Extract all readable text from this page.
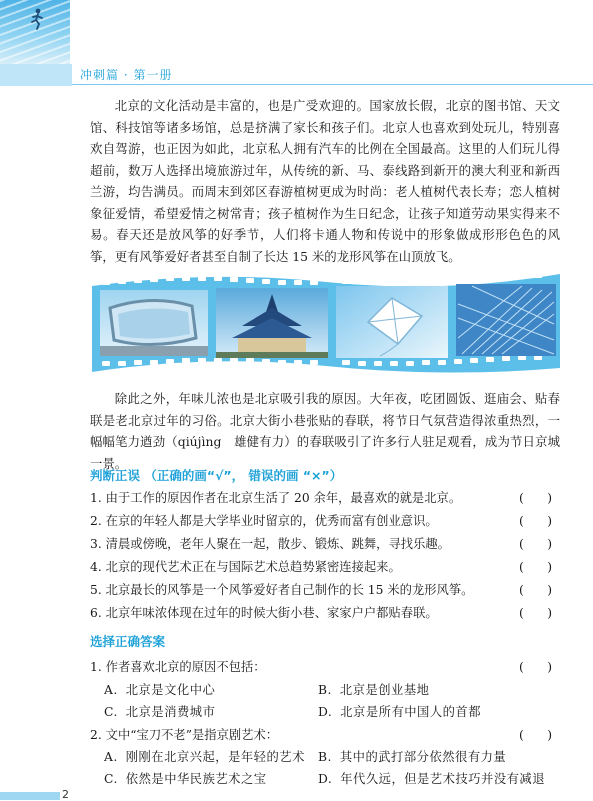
冲刺篇 · 第一册
北京的文化活动是丰富的，也是广受欢迎的。国家放长假，北京的图书馆、天文馆、科技馆等诸多场馆，总是挤满了家长和孩子们。北京人也喜欢到处玩儿，特别喜欢自驾游，也正因为如此，北京私人拥有汽车的比例在全国最高。这里的人们玩儿得超前，数万人选择出境旅游过年，从传统的新、马、泰线路到新开的澳大利亚和新西兰游，均告满员。而周末到郊区春游植树更成为时尚：老人植树代表长寿；恋人植树象征爱情，希望爱情之树常青；孩子植树作为生日纪念，让孩子知道劳动果实得来不易。春天还是放风筝的好季节，人们将卡通人物和传说中的形象做成形形色色的风筝，更有风筝爱好者甚至自制了长达 15 米的龙形风筝在山顶放飞。
除此之外，年味儿浓也是北京吸引我的原因。大年夜，吃团圆饭、逛庙会、贴春联是老北京过年的习俗。北京大街小巷张贴的春联，将节日气氛营造得浓重热烈，一幅幅笔力遒劲（qiújìng　雄健有力）的春联吸引了许多行人驻足观看，成为节日京城一景。
判断正误 （正确的画“√”， 错误的画 “×”）
1. 由于工作的原因作者在北京生活了 20 余年，最喜欢的就是北京。	(      )
2. 在京的年轻人都是大学毕业时留京的，优秀而富有创业意识。	(      )
3. 清晨或傍晚，老年人聚在一起，散步、锻炼、跳舞，寻找乐趣。	(      )
4. 北京的现代艺术正在与国际艺术总趋势紧密连接起来。	(      )
5. 北京最长的风筝是一个风筝爱好者自己制作的长 15 米的龙形风筝。	(      )
6. 北京年味浓体现在过年的时候大街小巷、家家户户都贴春联。	(      )
选择正确答案
1. 作者喜欢北京的原因不包括：	(      )
A. 北京是文化中心	B. 北京是创业基地
C. 北京是消费城市	D. 北京是所有中国人的首都
2. 文中“宝刀不老”是指京剧艺术：	(      )
A. 刚刚在北京兴起，是年轻的艺术 B. 其中的武打部分依然很有力量
C. 依然是中华民族艺术之宝	D. 年代久远，但是艺术技巧并没有减退
2
